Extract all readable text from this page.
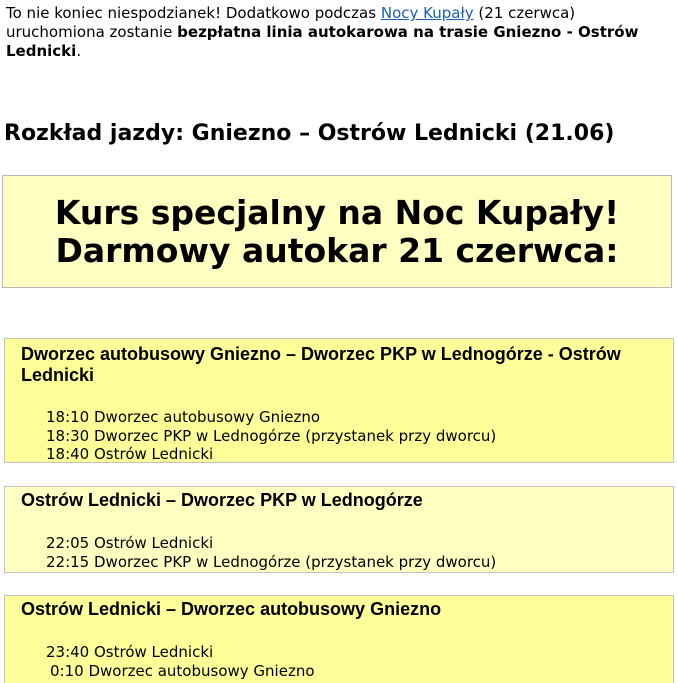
To nie koniec niespodzianek! Dodatkowo podczas Nocy Kupały (21 czerwca) uruchomiona zostanie bezpłatna linia autokarowa na trasie Gniezno - Ostrów Lednicki.
Rozkład jazdy: Gniezno – Ostrów Lednicki (21.06)
Kurs specjalny na Noc Kupały!
Darmowy autokar 21 czerwca:
Dworzec autobusowy Gniezno – Dworzec PKP w Lednogórze - Ostrów Lednicki
18:10 Dworzec autobusowy Gniezno
18:30 Dworzec PKP w Lednogórze (przystanek przy dworcu)
18:40 Ostrów Lednicki
Ostrów Lednicki – Dworzec PKP w Lednogórze
22:05 Ostrów Lednicki
22:15 Dworzec PKP w Lednogórze (przystanek przy dworcu)
Ostrów Lednicki – Dworzec autobusowy Gniezno
23:40 Ostrów Lednicki
0:10 Dworzec autobusowy Gniezno
